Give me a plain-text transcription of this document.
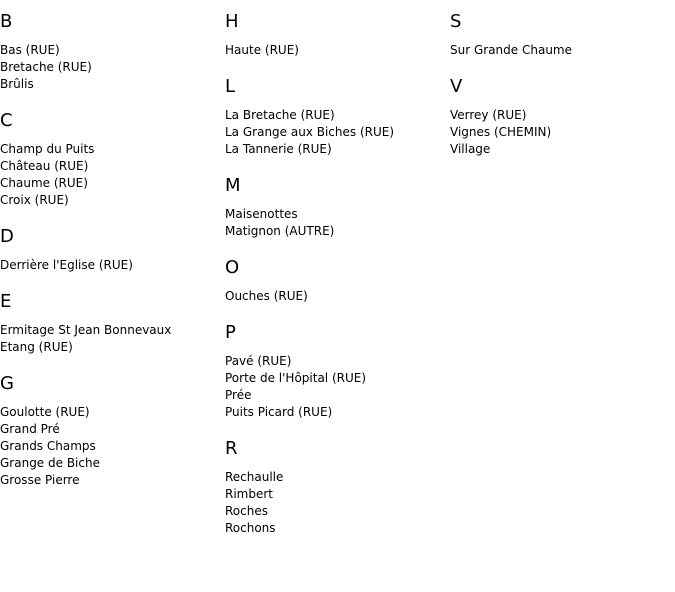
B
Bas (RUE)
Bretache (RUE)
Brûlis
C
Champ du Puits
Château (RUE)
Chaume (RUE)
Croix (RUE)
D
Derrière l'Eglise (RUE)
E
Ermitage St Jean Bonnevaux
Etang (RUE)
G
Goulotte (RUE)
Grand Pré
Grands Champs
Grange de Biche
Grosse Pierre
H
Haute (RUE)
L
La Bretache (RUE)
La Grange aux Biches (RUE)
La Tannerie (RUE)
M
Maisenottes
Matignon (AUTRE)
O
Ouches (RUE)
P
Pavé (RUE)
Porte de l'Hôpital (RUE)
Prée
Puits Picard (RUE)
R
Rechaulle
Rimbert
Roches
Rochons
S
Sur Grande Chaume
V
Verrey (RUE)
Vignes (CHEMIN)
Village
